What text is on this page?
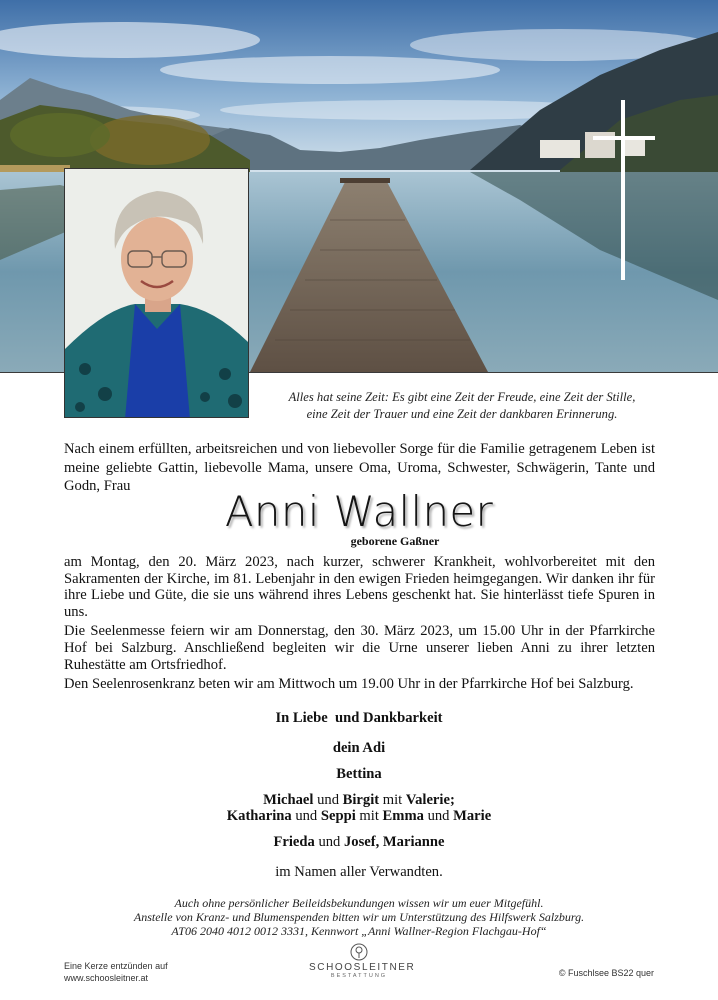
Alles hat seine Zeit: Es gibt eine Zeit der Freude, eine Zeit der Stille,
eine Zeit der Trauer und eine Zeit der dankbaren Erinnerung.
Nach einem erfüllten, arbeitsreichen und von liebevoller Sorge für die Familie getragenem Leben ist meine geliebte Gattin, liebevolle Mama, unsere Oma, Uroma, Schwester, Schwägerin, Tante und Godn, Frau
Anni Wallner
geborene Gaßner

am Montag, den 20. März 2023, nach kurzer, schwerer Krankheit, wohlvorbereitet mit den Sakramenten der Kirche, im 81. Lebenjahr in den ewigen Frieden heimgegangen. Wir danken ihr für ihre Liebe und Güte, die sie uns während ihres Lebens geschenkt hat. Sie hinterlässt tiefe Spuren in uns.

Die Seelenmesse feiern wir am Donnerstag, den 30. März 2023, um 15.00 Uhr in der Pfarrkirche Hof bei Salzburg. Anschließend begleiten wir die Urne unserer lieben Anni zu ihrer letzten Ruhestätte am Ortsfriedhof.

Den Seelenrosenkranz beten wir am Mittwoch um 19.00 Uhr in der Pfarrkirche Hof bei Salzburg.

In Liebe  und Dankbarkeit
dein Adi
Bettina
Michael und Birgit mit Valerie;
Katharina und Seppi mit Emma und Marie
Frieda und Josef, Marianne
im Namen aller Verwandten.
Auch ohne persönlicher Beileidsbekundungen wissen wir um euer Mitgefühl.
Anstelle von Kranz- und Blumenspenden bitten wir um Unterstützung des Hilfswerk Salzburg.
AT06 2040 4012 0012 3331, Kennwort „Anni Wallner-Region Flachgau-Hof“
Eine Kerze entzünden auf
www.schoosleitner.at
SCHOOSLEITNER
BESTATTUNG	© Fuschlsee BS22 quer
